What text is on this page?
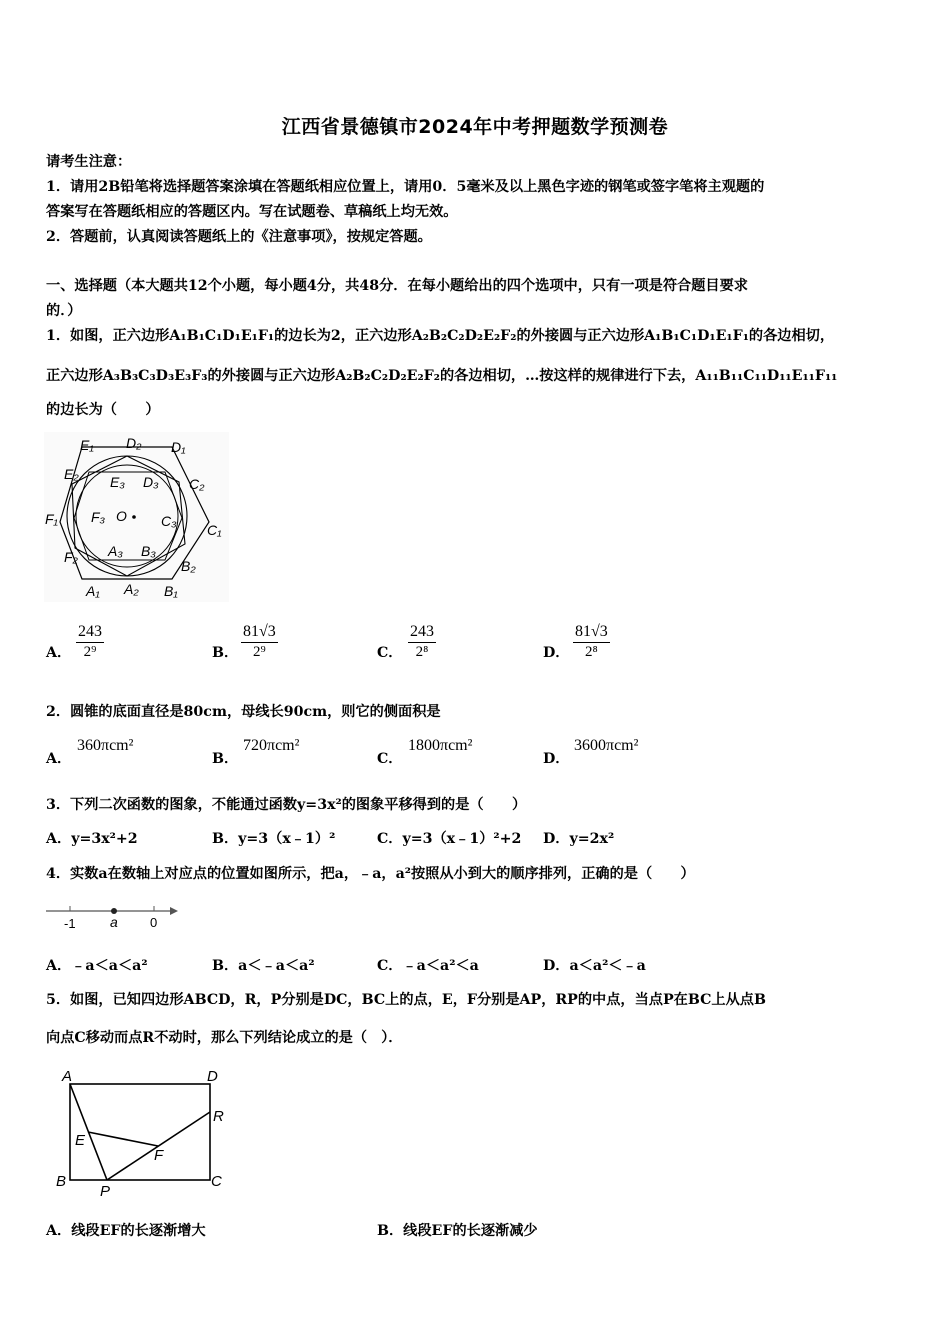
江西省景德镇市2024年中考押题数学预测卷
请考生注意：
1．请用2B铅笔将选择题答案涂填在答题纸相应位置上，请用0．5毫米及以上黑色字迹的钢笔或签字笔将主观题的
答案写在答题纸相应的答题区内。写在试题卷、草稿纸上均无效。
2．答题前，认真阅读答题纸上的《注意事项》，按规定答题。
一、选择题（本大题共12个小题，每小题4分，共48分．在每小题给出的四个选项中，只有一项是符合题目要求
的．）
1．如图，正六边形A₁B₁C₁D₁E₁F₁的边长为2，正六边形A₂B₂C₂D₂E₂F₂的外接圆与正六边形A₁B₁C₁D₁E₁F₁的各边相切，
正六边形A₃B₃C₃D₃E₃F₃的外接圆与正六边形A₂B₂C₂D₂E₂F₂的各边相切，…按这样的规律进行下去，A₁₁B₁₁C₁₁D₁₁E₁₁F₁₁
的边长为（　　）
E₁ D₂ D₁
E₂
C₂
E₃ D₃
F₁ F₃ O C₃
C₁
F₂ A₃ B₃
B₂
A₁ A₂ B₁
A．
243
2⁹	B．
81√3
2⁹	C．
243
2⁸	D．
81√3
2⁸
2．圆锥的底面直径是80cm，母线长90cm，则它的侧面积是
A．
360πcm²
B．
720πcm²
C．
1800πcm²
D．
3600πcm²
3．下列二次函数的图象，不能通过函数y=3x²的图象平移得到的是（　　）
A．y=3x²+2	B．y=3（x﹣1）²	C．y=3（x﹣1）²+2 D．y=2x²
4．实数a在数轴上对应点的位置如图所示，把a，﹣a，a²按照从小到大的顺序排列，正确的是（　　）
-1 a 0
A．﹣a＜a＜a²	B．a＜﹣a＜a²	C．﹣a＜a²＜a	D．a＜a²＜﹣a
5．如图，已知四边形ABCD，R，P分别是DC，BC上的点，E，F分别是AP，RP的中点，当点P在BC上从点B
向点C移动而点R不动时，那么下列结论成立的是（　）．
A	D
R
E
F
B
P
C
A．线段EF的长逐渐增大	B．线段EF的长逐渐减少
